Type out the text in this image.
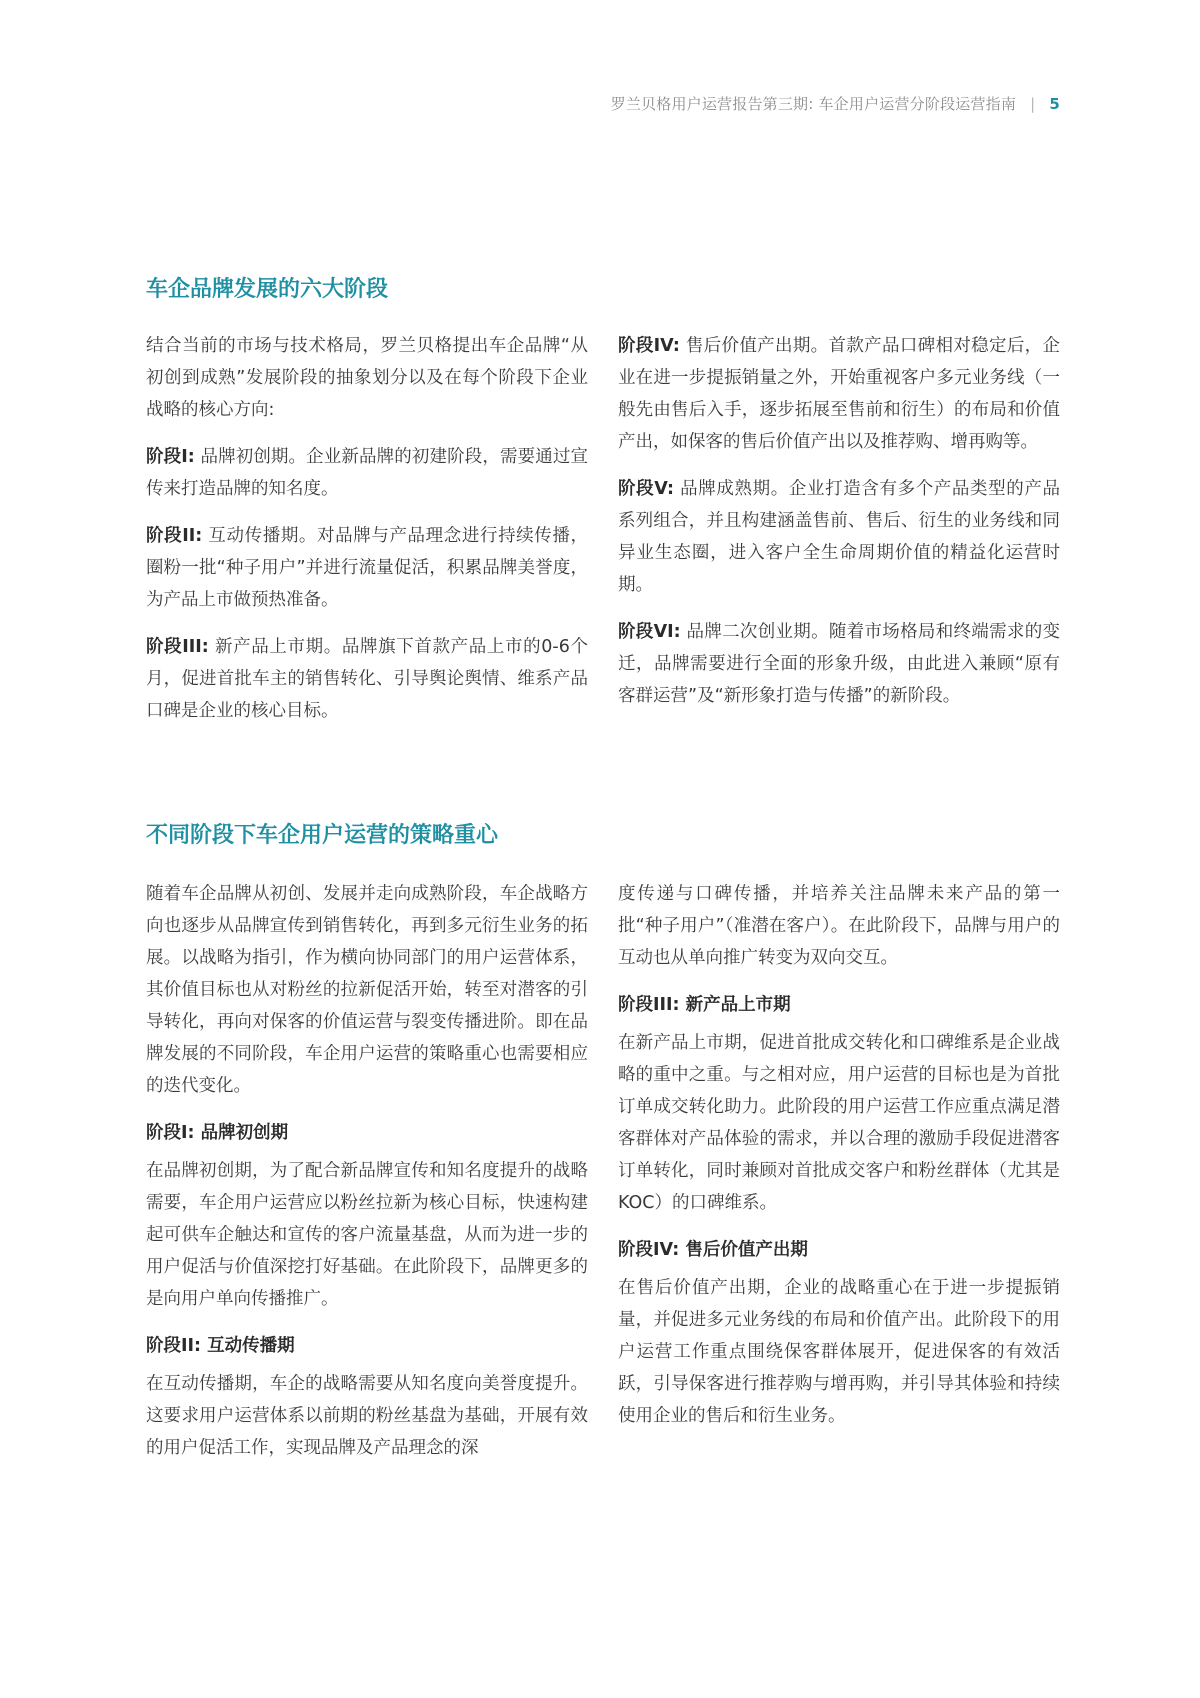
罗兰贝格用户运营报告第三期: 车企用户运营分阶段运营指南 | 5
车企品牌发展的六大阶段

结合当前的市场与技术格局，罗兰贝格提出车企品牌“从初创到成熟”发展阶段的抽象划分以及在每个阶段下企业战略的核心方向:

阶段I: 品牌初创期。企业新品牌的初建阶段，需要通过宣传来打造品牌的知名度。

阶段II: 互动传播期。对品牌与产品理念进行持续传播，圈粉一批“种子用户”并进行流量促活，积累品牌美誉度，为产品上市做预热准备。

阶段III: 新产品上市期。品牌旗下首款产品上市的0-6个月，促进首批车主的销售转化、引导舆论舆情、维系产品口碑是企业的核心目标。

阶段IV: 售后价值产出期。首款产品口碑相对稳定后，企业在进一步提振销量之外，开始重视客户多元业务线（一般先由售后入手，逐步拓展至售前和衍生）的布局和价值产出，如保客的售后价值产出以及推荐购、增再购等。

阶段V: 品牌成熟期。企业打造含有多个产品类型的产品系列组合，并且构建涵盖售前、售后、衍生的业务线和同异业生态圈，进入客户全生命周期价值的精益化运营时期。

阶段VI: 品牌二次创业期。随着市场格局和终端需求的变迁，品牌需要进行全面的形象升级，由此进入兼顾“原有客群运营”及“新形象打造与传播”的新阶段。

不同阶段下车企用户运营的策略重心

随着车企品牌从初创、发展并走向成熟阶段，车企战略方向也逐步从品牌宣传到销售转化，再到多元衍生业务的拓展。以战略为指引，作为横向协同部门的用户运营体系，其价值目标也从对粉丝的拉新促活开始，转至对潜客的引导转化，再向对保客的价值运营与裂变传播进阶。即在品牌发展的不同阶段，车企用户运营的策略重心也需要相应的迭代变化。

阶段I: 品牌初创期

在品牌初创期，为了配合新品牌宣传和知名度提升的战略需要，车企用户运营应以粉丝拉新为核心目标，快速构建起可供车企触达和宣传的客户流量基盘，从而为进一步的用户促活与价值深挖打好基础。在此阶段下，品牌更多的是向用户单向传播推广。

阶段II: 互动传播期

在互动传播期，车企的战略需要从知名度向美誉度提升。这要求用户运营体系以前期的粉丝基盘为基础，开展有效的用户促活工作，实现品牌及产品理念的深

度传递与口碑传播，并培养关注品牌未来产品的第一批“种子用户”（准潜在客户）。在此阶段下，品牌与用户的互动也从单向推广转变为双向交互。

阶段III: 新产品上市期

在新产品上市期，促进首批成交转化和口碑维系是企业战略的重中之重。与之相对应，用户运营的目标也是为首批订单成交转化助力。此阶段的用户运营工作应重点满足潜客群体对产品体验的需求，并以合理的激励手段促进潜客订单转化，同时兼顾对首批成交客户和粉丝群体（尤其是KOC）的口碑维系。

阶段IV: 售后价值产出期

在售后价值产出期，企业的战略重心在于进一步提振销量，并促进多元业务线的布局和价值产出。此阶段下的用户运营工作重点围绕保客群体展开，促进保客的有效活跃，引导保客进行推荐购与增再购，并引导其体验和持续使用企业的售后和衍生业务。
